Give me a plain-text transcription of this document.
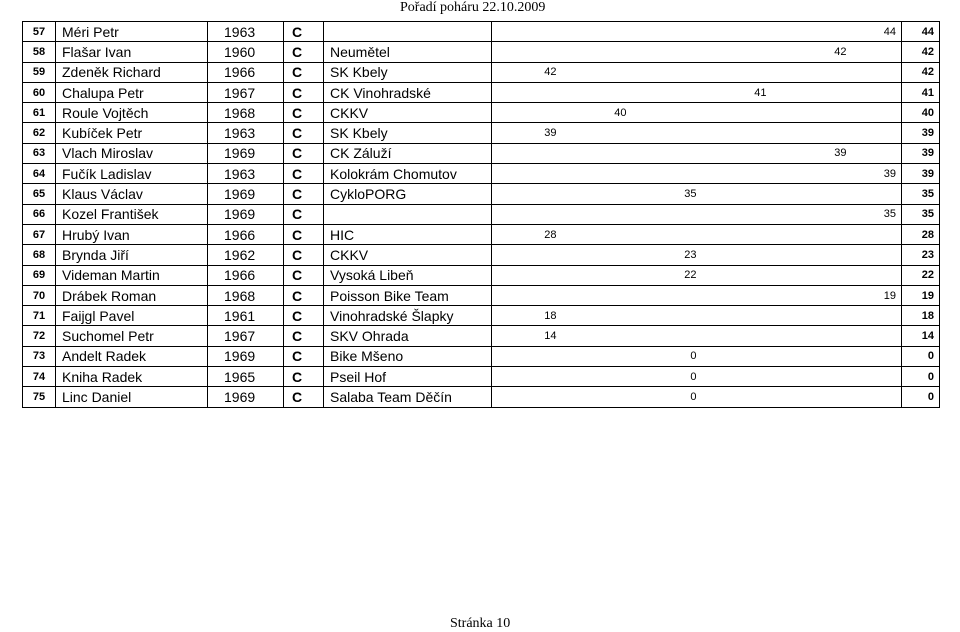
Pořadí poháru 22.10.2009
57	Méri Petr	1963	C							44	44
58	Flašar Ivan	1960	C	Neumětel					42		42
59	Zdeněk Richard	1966	C	SK Kbely	42						42
60	Chalupa Petr	1967	C	CK Vinohradské				41			41
61	Roule Vojtěch	1968	C	CKKV		40					40
62	Kubíček Petr	1963	C	SK Kbely	39						39
63	Vlach Miroslav	1969	C	CK Záluží					39		39
64	Fučík Ladislav	1963	C	Kolokrám Chomutov						39	39
65	Klaus Václav	1969	C	CykloPORG			35				35
66	Kozel František	1969	C							35	35
67	Hrubý Ivan	1966	C	HIC	28						28
68	Brynda Jiří	1962	C	CKKV			23				23
69	Videman Martin	1966	C	Vysoká Libeň			22				22
70	Drábek Roman	1968	C	Poisson Bike Team						19	19
71	Faijgl Pavel	1961	C	Vinohradské Šlapky	18						18
72	Suchomel Petr	1967	C	SKV Ohrada	14						14
73	Andelt Radek	1969	C	Bike Mšeno			0				0
74	Kniha Radek	1965	C	Pseil Hof			0				0
75	Linc Daniel	1969	C	Salaba Team Děčín			0				0
Stránka 10
